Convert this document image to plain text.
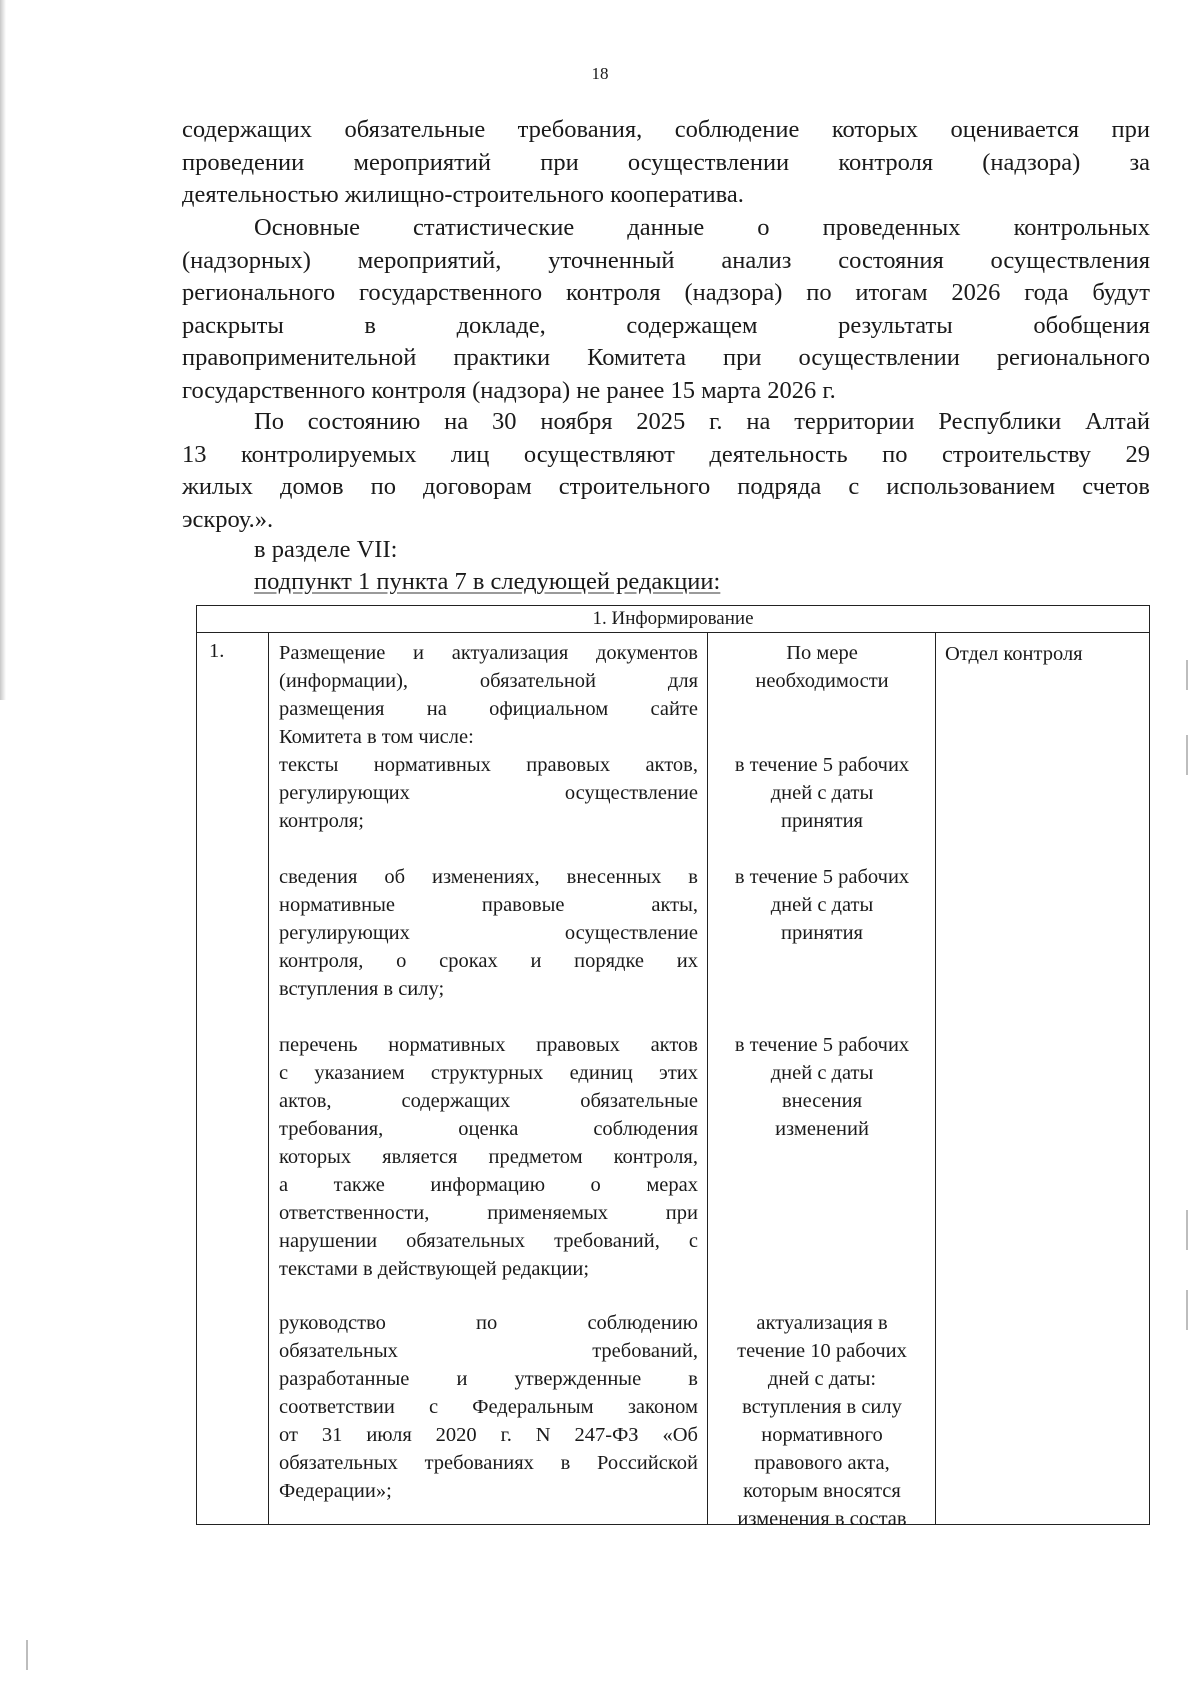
18

содержащих обязательные требования, соблюдение которых оценивается при
проведении мероприятий при осуществлении контроля (надзора) за
деятельностью жилищно-строительного кооператива.

Основные статистические данные о проведенных контрольных
(надзорных) мероприятий, уточненный анализ состояния осуществления
регионального государственного контроля (надзора) по итогам 2026 года будут
раскрыты в докладе, содержащем результаты обобщения
правоприменительной практики Комитета при осуществлении регионального
государственного контроля (надзора) не ранее 15 марта 2026 г.

По состоянию на 30 ноября 2025 г. на территории Республики Алтай
13 контролируемых лиц осуществляют деятельность по строительству 29
жилых домов по договорам строительного подряда с использованием счетов
эскроу.».

в разделе VII:

подпункт 1 пункта 7 в следующей редакции:

1. Информирование
1.	Отдел контроля
Размещение и актуализация документов
(информации), обязательной для
размещения на официальном сайте
Комитета в том числе:
По мере
необходимости
тексты нормативных правовых актов,
регулирующих осуществление
контроля;
в течение 5 рабочих
дней с даты
принятия
сведения об изменениях, внесенных в
нормативные правовые акты,
регулирующих осуществление
контроля, о сроках и порядке их
вступления в силу;
в течение 5 рабочих
дней с даты
принятия
перечень нормативных правовых актов
с указанием структурных единиц этих
актов, содержащих обязательные
требования, оценка соблюдения
которых является предметом контроля,
а также информацию о мерах
ответственности, применяемых при
нарушении обязательных требований, с
текстами в действующей редакции;
в течение 5 рабочих
дней с даты
внесения
изменений
руководство по соблюдению
обязательных требований,
разработанные и утвержденные в
соответствии с Федеральным законом
от 31 июля 2020 г. N 247-ФЗ «Об
обязательных требованиях в Российской
Федерации»;
актуализация в
течение 10 рабочих
дней с даты:
вступления в силу
нормативного
правового акта,
которым вносятся
изменения в состав
